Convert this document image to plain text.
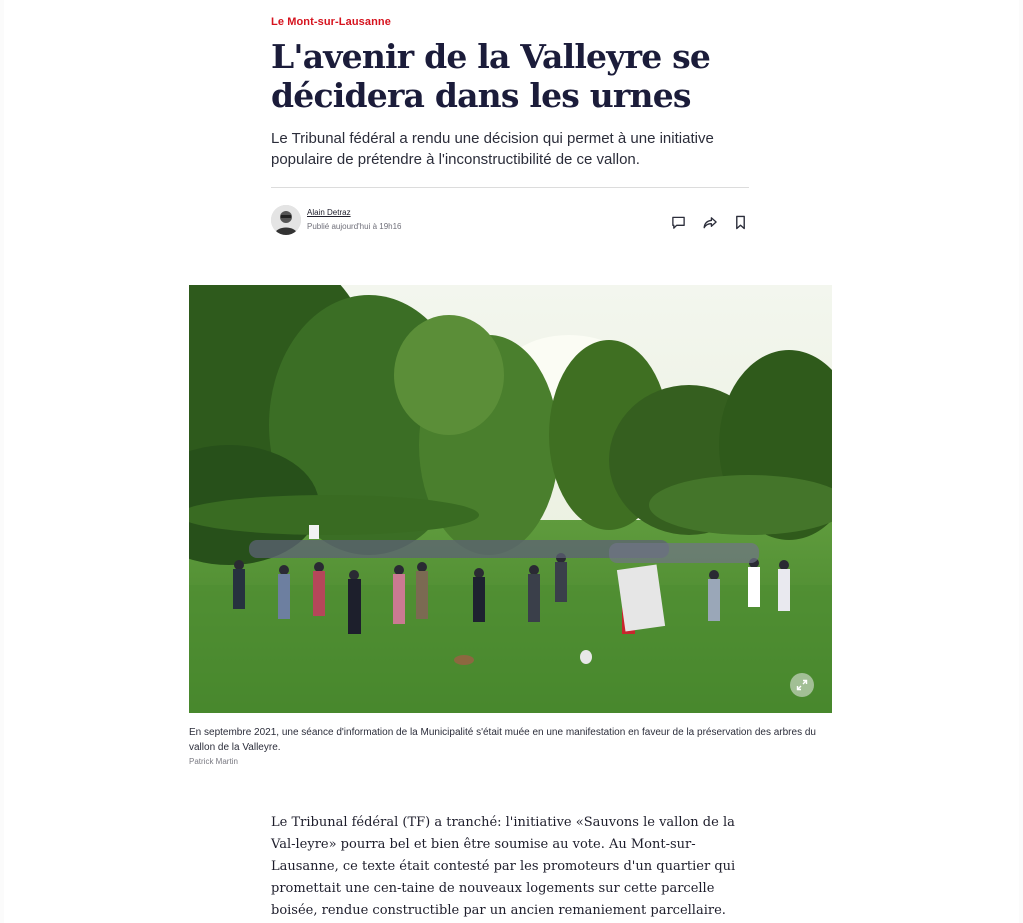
Le Mont-sur-Lausanne
L'avenir de la Valleyre se décidera dans les urnes

Le Tribunal fédéral a rendu une décision qui permet à une initiative populaire de prétendre à l'inconstructibilité de ce vallon.

Alain Detraz
Publié aujourd'hui à 19h16

En septembre 2021, une séance d'information de la Municipalité s'était muée en une manifestation en faveur de la préservation des arbres du vallon de la Valleyre.

Patrick Martin

Le Tribunal fédéral (TF) a tranché: l'initiative «Sauvons le vallon de la Val-leyre» pourra bel et bien être soumise au vote. Au Mont-sur-Lausanne, ce texte était contesté par les promoteurs d'un quartier qui promettait une cen-taine de nouveaux logements sur cette parcelle boisée, rendue constructible par un ancien remaniement parcellaire.
